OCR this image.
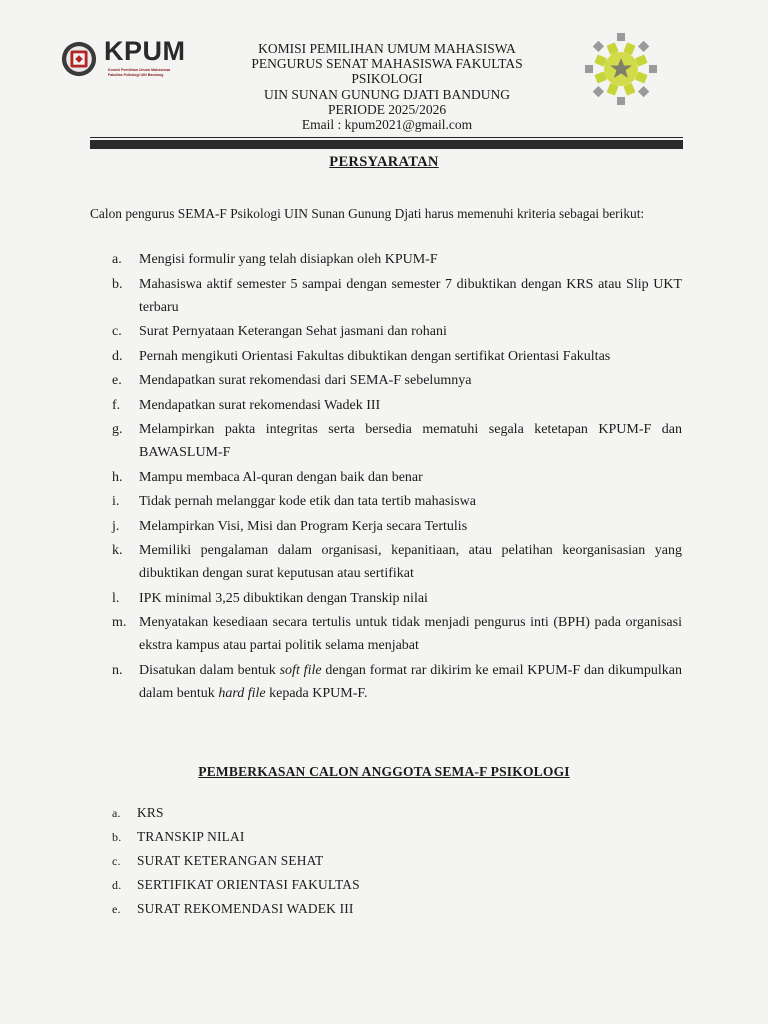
KPUM
Komisi Pemilihan Umum Mahasiswa
Fakultas Psikologi UIN Bandung
KOMISI PEMILIHAN UMUM MAHASISWA
PENGURUS SENAT MAHASISWA FAKULTAS
PSIKOLOGI
UIN SUNAN GUNUNG DJATI BANDUNG
PERIODE 2025/2026
Email : kpum2021@gmail.com
PERSYARATAN
Calon pengurus SEMA-F Psikologi UIN Sunan Gunung Djati harus memenuhi kriteria sebagai berikut:
a. Mengisi formulir yang telah disiapkan oleh KPUM-F
b. Mahasiswa aktif semester 5 sampai dengan semester 7 dibuktikan dengan KRS atau Slip UKT terbaru
c. Surat Pernyataan Keterangan Sehat jasmani dan rohani
d. Pernah mengikuti Orientasi Fakultas dibuktikan dengan sertifikat Orientasi Fakultas
e. Mendapatkan surat rekomendasi dari SEMA-F sebelumnya
f. Mendapatkan surat rekomendasi Wadek III
g. Melampirkan pakta integritas serta bersedia mematuhi segala ketetapan KPUM-F dan BAWASLUM-F
h. Mampu membaca Al-quran dengan baik dan benar
i. Tidak pernah melanggar kode etik dan tata tertib mahasiswa
j. Melampirkan Visi, Misi dan Program Kerja secara Tertulis
k. Memiliki pengalaman dalam organisasi, kepanitiaan, atau pelatihan keorganisasian yang dibuktikan dengan surat keputusan atau sertifikat
l. IPK minimal 3,25 dibuktikan dengan Transkip nilai
m. Menyatakan kesediaan secara tertulis untuk tidak menjadi pengurus inti (BPH) pada organisasi ekstra kampus atau partai politik selama menjabat
n. Disatukan dalam bentuk soft file dengan format rar dikirim ke email KPUM-F dan dikumpulkan dalam bentuk hard file kepada KPUM-F.
PEMBERKASAN CALON ANGGOTA SEMA-F PSIKOLOGI
a. KRS
b. TRANSKIP NILAI
c. SURAT KETERANGAN SEHAT
d. SERTIFIKAT ORIENTASI FAKULTAS
e. SURAT REKOMENDASI WADEK III
